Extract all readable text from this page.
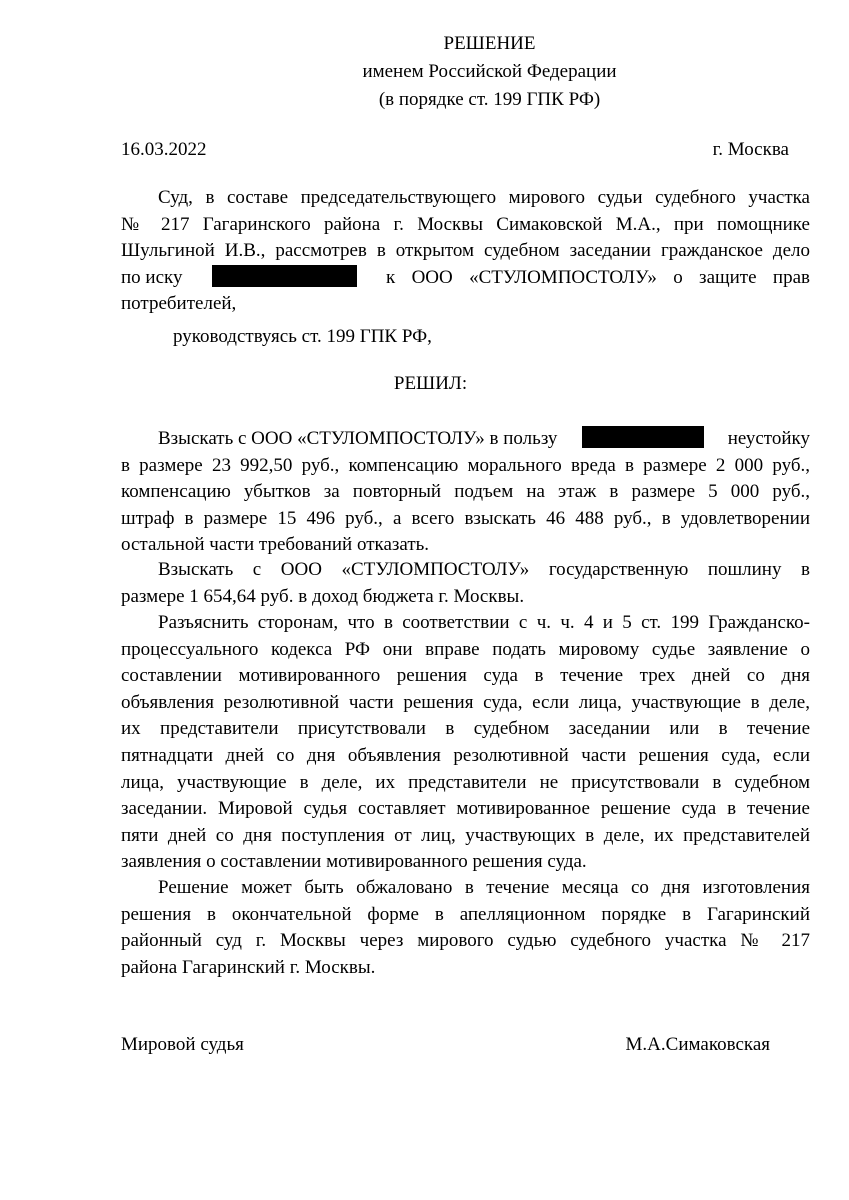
РЕШЕНИЕ
именем Российской Федерации
(в порядке ст. 199 ГПК РФ)
16.03.2022	г. Москва
Суд, в составе председательствующего мирового судьи судебного участка
№ 217 Гагаринского района г. Москвы Симаковской М.А., при помощнике
Шульгиной И.В., рассмотрев в открытом судебном заседании гражданское дело
по иску	к ООО «СТУЛОМПОСТОЛУ» о защите прав
потребителей,
руководствуясь ст. 199 ГПК РФ,
РЕШИЛ:
Взыскать с ООО «СТУЛОМПОСТОЛУ» в пользу	неустойку
в размере 23 992,50 руб., компенсацию морального вреда в размере 2 000 руб.,
компенсацию убытков за повторный подъем на этаж в размере 5 000 руб.,
штраф в размере 15 496 руб., а всего взыскать 46 488 руб., в удовлетворении
остальной части требований отказать.
Взыскать с ООО «СТУЛОМПОСТОЛУ» государственную пошлину в
размере 1 654,64 руб. в доход бюджета г. Москвы.
Разъяснить сторонам, что в соответствии с ч. ч. 4 и 5 ст. 199 Гражданско-
процессуального кодекса РФ они вправе подать мировому судье заявление о
составлении мотивированного решения суда в течение трех дней со дня
объявления резолютивной части решения суда, если лица, участвующие в деле,
их представители присутствовали в судебном заседании или в течение
пятнадцати дней со дня объявления резолютивной части решения суда, если
лица, участвующие в деле, их представители не присутствовали в судебном
заседании. Мировой судья составляет мотивированное решение суда в течение
пяти дней со дня поступления от лиц, участвующих в деле, их представителей
заявления о составлении мотивированного решения суда.
Решение может быть обжаловано в течение месяца со дня изготовления
решения в окончательной форме в апелляционном порядке в Гагаринский
районный суд г. Москвы через мирового судью судебного участка № 217
района Гагаринский г. Москвы.
Мировой судья	М.А.Симаковская
